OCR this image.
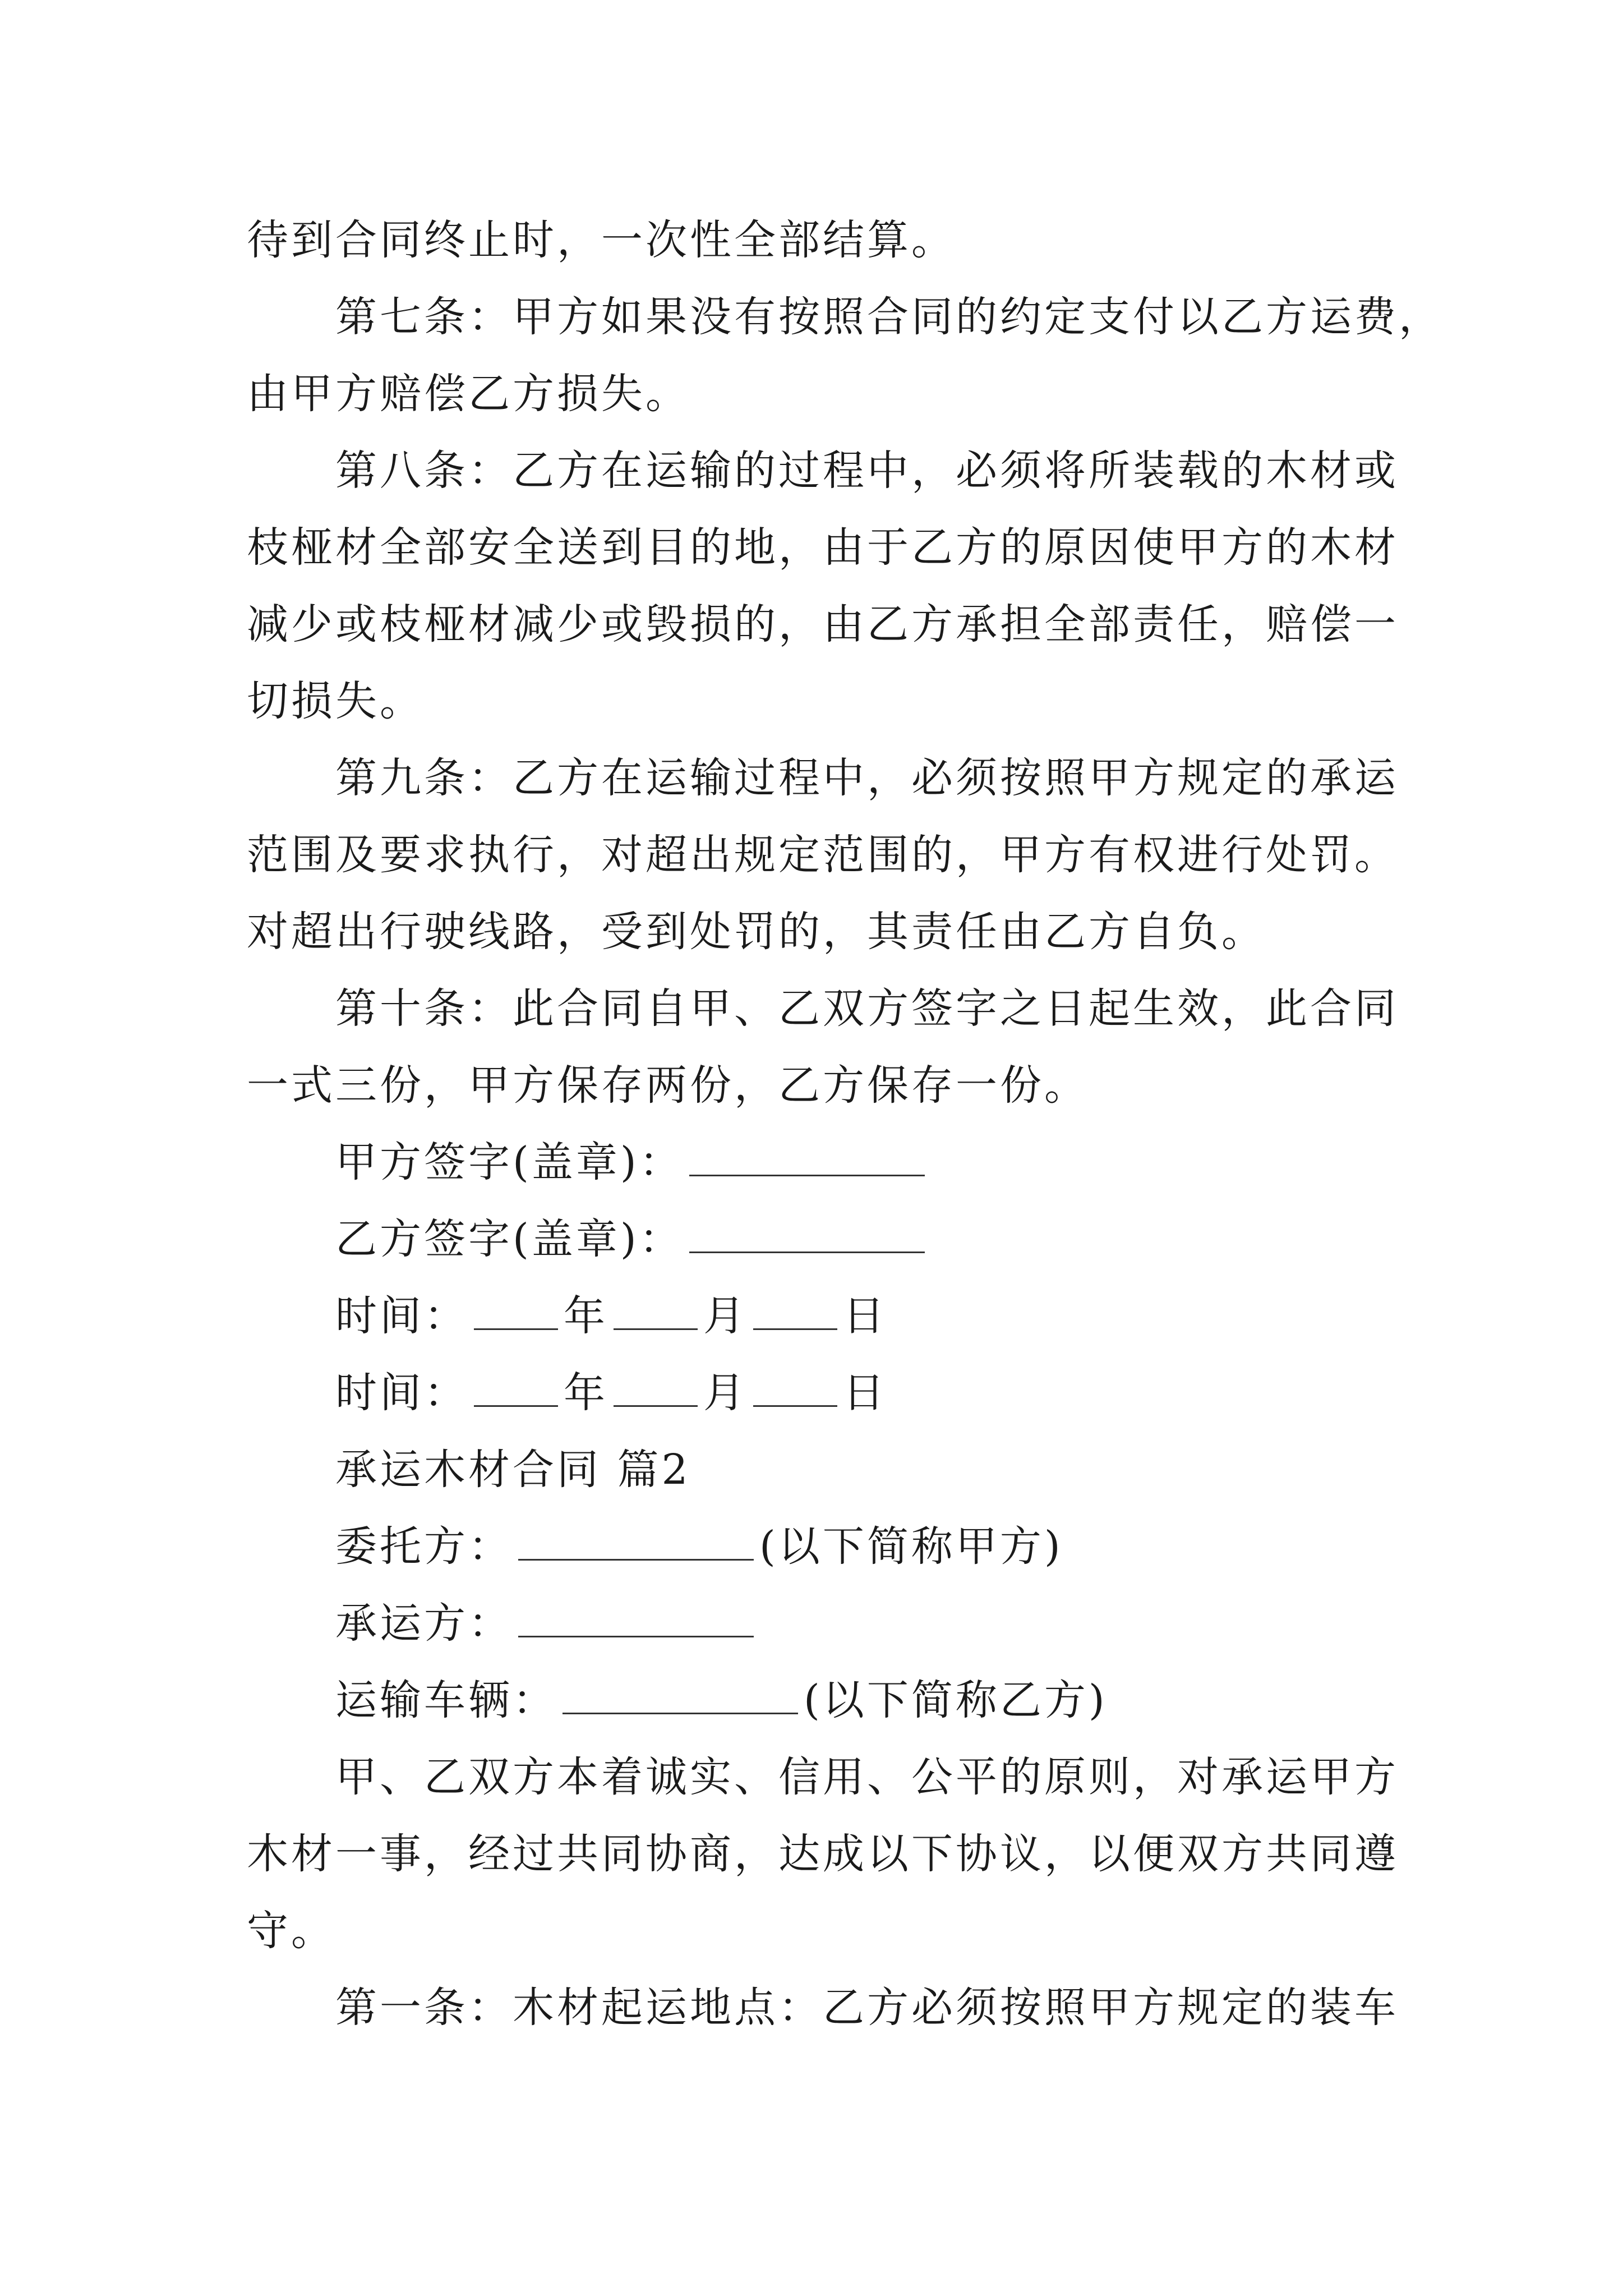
待到合同终止时，一次性全部结算。
第七条：甲方如果没有按照合同的约定支付以乙方运费，
由甲方赔偿乙方损失。
第八条：乙方在运输的过程中，必须将所装载的木材或
枝桠材全部安全送到目的地，由于乙方的原因使甲方的木材
减少或枝桠材减少或毁损的，由乙方承担全部责任，赔偿一
切损失。
第九条：乙方在运输过程中，必须按照甲方规定的承运
范围及要求执行，对超出规定范围的，甲方有权进行处罚。
对超出行驶线路，受到处罚的，其责任由乙方自负。
第十条：此合同自甲、乙双方签字之日起生效，此合同
一式三份，甲方保存两份，乙方保存一份。
甲方签字(盖章)：
乙方签字(盖章)：
时间： 年 月 日
时间： 年 月 日
承运木材合同 篇2
委托方：	(以下简称甲方)
承运方：
运输车辆：	(以下简称乙方)
甲、乙双方本着诚实、信用、公平的原则，对承运甲方
木材一事，经过共同协商，达成以下协议，以便双方共同遵
守。
第一条：木材起运地点：乙方必须按照甲方规定的装车
